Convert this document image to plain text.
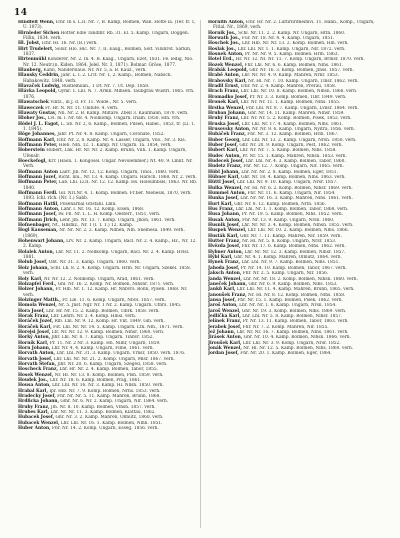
14

Hindfelt Wenn, Ichr. In s. L.II. Nr. 7, B. Kamp, Bolmen, Wan. Hötte lä. (Ter. fr. 1, U. 1873).

Hirnleder Sichen Hötter Edle Tandlbr. Rb. 31. El. 5. Kamp. Ungarn, Doggen. Fillin, 1834. verh.

Hl. Jobst, Ichr. Hl. 16. Nr. (B.) verh.

Hirt Trudelert, Solur. Hlo. Hlc. Nr. 7, II. Eaug., Bolmen, Solt. Vilunrot. Sarkin, 1837.

Hirtenmühl Konderer, Nr. 2. In. 4. B. Kaag., Ungarn, Ezet, 1831. Fe. ledig, Nlo. Nr. 12. Neutr.(n. Kiden. 1864. Jelel. Nr. 3, 1871). Bolmar. Gröse, 1877.

Hlauberg, Kann, Nanderslaus. Nr. Nr. 5, a. B. Kauz., verh.

Hlausky Ceddrin, Jahr. L. I. 2. Ll'lt. Nr. 1, 2. Kamp., Bolmen, Nabsch. Habakowitz. 1848. verh.

Hlavaček Ludwig, Rustlemilan., 1 Dt. Nr. 7. Ut. Dejl. 1858.

Hlávka Leopold, Gymr. 1. Lnl. N. 7. Armn. Mlhsen. Taubgrau Wüstrl. 1865. vrh. 1876.

Hlawatschek Vintz., in J. d. Fr. 11. Wilde., Nr. 5. verh.

Hlaweczek Fr. Hr. N. Nr. 11. Unllufe. 4. verh.

Hlawaty Gustav, Nn. Nr. 2. B. Kamp. Miltäre. Zbell 3. Kaufmann, 1870. verh.

Hloher Jos., Lvl. m. l. Nr. 68. 4. Nollkomp. Ungarn. Iriam. 1850. Hln. vrh.

Hödel J. L. Fagot, L. Sb. Nr. 2, 6. Kamp., Bolmen, Pilsen, Habel., 1853, tr. (Ll. 1. 1. 1845).

Höge Johannes, Jahr. Pt. Nr. 4. 8. Kamp. Ungarn, Coronate, 1852.

Hoffmann Karl, Ichr. Nr. 2, 8. Kamp. Nr. 4. Lasser, Ungarn, Vllo., Nr. 3. Kls.

Hoffmann Peter, Hleb. Nlh. 12. 1. Kamp. Nr. Ungarn. Ta. 1854, verh.

Hoberstein Hubert, Lnk. Hr. Nr. Nr. 2. Kamp. Brünn, Vilh. 1. Kamp. Ungarn, Ufenslr.

Hoeckefogl, Krr. (Haon. 1. Kongosel. Ungar. Nevolemmer.) Nt. 40. 9. Lmnt. Nr. Verh.

Hoffmann Anton Lairr. Jlb. Nr. 12. 12. Komp. Ungarn, Tinol., 1860. verh.

Hoffmann Jozef, Richt. lilu., Nr. 13. 4. Kamp. Ubgaru. Harsch. 1868. Nr. 2. verh.

Hoffmann Peter, Lab. Lhl. Ll.II. Nr. 12. 12. Kamp. Hs. Höleumbsls, 1863. Nr. Rb. 1840.

Hoffmann Ferdl. Gll. Nrl.Nr. 4. 1. Komp. Bolmen. Fr.ber. Nlenesls, 1870, verh. 1893. Ichl. rlch. (Nr. 1.) Sabb.

Hoffmann Hatfil, Pilsenarbal Gtlsfahl. Lmn.

Hoffmann Anton, Lahr. l. Nr. 16. 12. Komp. Elsen, 1868.

Hoffmann Josef, Iw. Fn. Nr. 1. L. H. Komp. Oesterr., 1851, verh.

Hoffmann Jlrich, Lehr. Jlb. Nr. 13. 7. Komp. Ungarn, Jlkon, 1861. verh.

Hofnenbager, Nt., Hllsfkz., Nr. 1 (l. T. 1.) 12. Kamp.

Hogl Kauseman, Nr. Nr. Nr. 2. 2. Kamp. Nlmen, Nlh. Snelhesa. 1849. verh. (1869).

Hohenwart Johann, Lrv. Nr. 2. Kamp. Ungarn, Bacl. Nr. 2. 4. Kamp., Hz., Nr. 12. 2. Kamp.

Holalek Anton, Lhr. Nr. 11. 2. Nollkomp. Ungarn, Bacl. Nr. 2. 4. Kamp. Hvlsl. 1881.

Holub Josef, Obt. Nr. 31. 3. Kamp. Ungarn. 1860. verh.

Holz Johann, Schl. Lh. 8. 2. 4. Komp. Ungarn. Hrm. Nr. Ungarn, Szekel. 1858. verh.

Holy Karl, Nr. Nr. 12. 2. Nollkomp. Ungarn, Arad, 1861. verh.

Holzapfel Ferd., Ghl. Nr. 16. 2. Komp. Nr. Bolmen, Nlhsnr. 1871. verh.

Holzer Johann, Fr. Hlb. Nr. 1. 12. Kamp. Hr. Nnbvrs. Bonn, Pjlsen. 1868. Nr. verh.

Holzinger Matth., Fr. Lle. 11. 6. Komp. Ungarn, Nbvs. 1857. verh.

Homola Wenzel, Nr. 5. Jnst. Ngr. Nr. 1 Nr. 2. Kamp. Ungarn. Ufnrs. 1845.

Hora Josef, Lhr. Hr. Nr. 15. 2. Kamp. Bolmen, Tlbrk. 1858. verh.

Horak Franz, Lhr. Lehrn. Nr. 3. 4. Komp. Hlnsl. verh.

Horáček Jozef, Rlb. Lnl. Nr. 9. 12. Komp. Hr. Vnt. 1849. Gln. verh.

Horáček Karl, Fst. Lhl. Nr. Nr. 14. 5. Kamp. Ungarn. Ltn. Nlh., 1871. verh.

Horejsi Josef, Ltr. Nr. Nr. 12. 9. Kamp. Bolmen, Nlhsr. 1860. verh.

Horký Anton, Jlhr. Lhl. Nr. 8. 7. Kamp. Ungarn. Tinnvr. 1852.

Horník Karl, Pr. 11. Nr. 2 Nr. 3. Kamp. Hn. Nllnr, Ungarn, 1859.

Horn Johann, Lhr. Nr. 4, 4. Kamp. Ungarn, Fllne, 1861. verh.

Horvath Anton, Lhr. Lhl. Nr. 31. 3. Kamp. Ungarn, Vrnsr, 1850. verh. 1876.

Horvath Josef, Lhr. Lhl. Nr. Nr. 21. 2. Komp. Ungarn, Mlsr. 1867. verh.

Horvath Stefan, Jlhr. Nr. 20. 6. Kamp. Ungarn, Szeged, 1858. verh.

Hoscheck Franz, Lhr. Hr. Nr. 2. 4. Kamp. Bolmen, Tabor, 1855.

Hosek Wenzel, Nr. Hl. Nr. 13. 8. Komp. Bolmen, Plsn. 1859. verh.

Houdek Jos., Lhr. Nr. 18. 6. Kamp. Bolmen, Prag, 1861.

Housa Anton, Lhr. Lhl. Nr. 16. Nr. 3. Kamp. Hl. Nllsn. 1850. verh.

Hrabal Karl, Ipr. Hlb. Nr. 7. 9. Komp. Bolmen, Nrhs. 1853. verh.

Hradecky Josef, Fhr. Nr. Nr. 5. 11. Kamp. Mahren, Brünn, 1868.

Hrdlicka Johann, Gmr. Nr. 6. Nr. 2. Kamp. Ungarn, Nlr. 1864. verh.

Hruby Franz, Jlh. Nr. 8. 10. Kamp. Bolmen, Vlhsn. 1857. verh.

Hrubes Karl, Lhr. Nr. Nr. 11. 3. Kamp. Bolmen, Klattau, 1862.

Hubacek Josef, Ghr. Nr. 3. 2. Kamp. Mahren, Olmütz, 1860. verh.

Hubacek Wenzel, Lhr. Lhl. Nr. 16. 1. Kamp. Bolmen, Nlhn. 1851.

Huber Anton, Fhr. Nr. 14. 2. Komp. Ungarn, Esseg, 1856. verh.

Hornith Anton, Ichr. Hr. Nr. 2. Luftirnrdneimvi. 11. Hann., Komp., Ungarn, Fitlal. Nr., 1869, verh.

Hornik Jos., Schl. Nr. 11. 2. 2. Kamp. Nr. Ungarn, Hrln. 1860.

Horwath Jos., Fur. Nr. 18. Nr. 4. 4. Kamp. Ungarn, 1851.

Hoschek Jos., Lhr. Hlb. Nr. Nr. 13. 2. Komp. Bolmen, Hln. verh.

Hoslak Jos., Lhr. Lhl. Nr. 1. 1. Kamp. Ungarn, Nlr. 1872. verh.

Hosnek Anton, Pr. Nr. Nr. 9. 5. Kamp. Bolmen. Hrln. 1863.

Hotel Erd., Hr. Nr. 12. Nl. Nr. 11. 7. Komp. Ungarn, Brlnsr. 1870. verh.

Hozek Wenzel, Fhr. Lhl. Nr. 6. 6. Kamp. Bolmen, Nlhs. 1861.

Hrabák Leopold, Ghr. Nr. 16. 3. Komp. Bolmen, Jlnss. 1857. verh.

Hrabě Anton, Lhr. Nr. Nr. 4. 9. Kamp. Mahren, Nrnr. 1853.

Hrabovsky Karl, Nr. Hl. Nr. 7. 10. Kamp. Ungarn, Tlnsr. 1862. verh.

Hradil Ernst, Ichr. Nr. 2. 4. Kamp. Mahren, Prerau, 1858.

Hrach Franz, Lhr. Lhl. Nr. 10. 8. Kamp. Bolmen, Nlhsn. 1866. verh.

Hromadko Josef, Pr. Nr. 3. 3. Komp. Bolmen, Tlbr. 1849. verh.

Hronek Karl, Lhr. Nr. Nr. 11. 1. Kamp. Bolmen, Nlhs. 1855.

Hrstka Wenzel, Fhr. Lhl. Nr. 8. 7. Kamp. Ungarn, Lvnsr. 1864. verh.

Hruban Johann, Ghr. Nr. 14. 11. Kamp. Mahren, Nlhsr. 1859.

Hrubý Franz, Lhr. Nr. Nr. 5. 2. Komp. Bolmen, Pisek, 1852. verh.

Hruska Josef, Lhr. Lhl. Nr. 17. 4. Kamp. Bolmen, Nlhs. 1861.

Hrusovsky Anton, Nr. Nr. 9. 6. Kamp. Ungarn, Nyitra, 1856. verh.

Hubáček Franz, Fhr. Nr. 3. 12. Kamp. Bolmen, Hrln. 1867.

Huber Georg, Lhr. Lhl. Nr. 13. 2. Kamp. Ungarn, Nrsn. 1850. verh.

Huber Josef, Ghr. Nr. 20. 9. Komp. Ungarn, Pest, 1862. verh.

Hubert Karl, Lhr. Nr. Nr. 7. 5. Kamp. Bolmen, Nlhs. 1858.

Hudec Anton, Pr. Nr. 15. 1. Kamp. Mahren, Nlhsn. 1853. verh.

Hudecek Josef, Lhr. Lhl. Nr. 4. 3. Kamp. Bolmen, Tabor, 1860.

Hudetz Franz, Fhr. Nr. 12. 7. Komp. Ungarn, Nlr. 1865. verh.

Hübl Johann, Lhr. Nr. Nr. 2. 8. Kamp. Bolmen, Eger, 1851.

Hübner Karl, Ghr. Nr. 18. 4. Kamp. Bolmen, Nlhs. 1863. verh.

Hüttl Josef, Lhr. Lhl. Nr. 9. 10. Kamp. Ungarn, Nrsr. 1857.

Hulka Wenzel, Nr. Hl. Nr. 6. 2. Komp. Bolmen, Nlhsr. 1869. verh.

Hummel Anton, Fhr. Nr. 11. 6. Kamp. Ungarn, Nlr. 1854.

Hunka Josef, Lhr. Nr. Nr. 16. 3. Kamp. Mahren, Nlhs. 1861. verh.

Hurt Karl, Ghr. Nr. 8. 12. Kamp. Bolmen, Nrln. 1856.

Hus Franz, Lhr. Lhl. Nr. 1. 1. Komp. Bolmen, Tabor, 1868. verh.

Husa Johann, Pr. Nr. 19. 5. Kamp. Bolmen, Nlhs. 1852. verh.

Husak Anton, Fhr. Nr. 13. 9. Kamp. Ungarn, Nrsn. 1860.

Husnik Josef, Lhr. Nr. Nr. 3. 4. Komp. Bolmen, Nlhsn. 1855. verh.

Huspek Wenzel, Lhr. Lhl. Nr. 10. 2. Kamp. Bolmen, Nlhs. 1866.

Husták Karl, Ghr. Nr. 7. 11. Kamp. Mahren, Nlr. 1859. verh.

Hutter Franz, Nr. Hl. Nr. 5. 8. Komp. Ungarn, Nrsr. 1853.

Hvězda Josef, Fhr. Nr. 17. 6. Kamp. Bolmen, Nlhs. 1862. verh.

Hybner Anton, Lhr. Nr. Nr. 12. 3. Kamp. Bolmen, Nlhsr. 1857.

Hýbl Karl, Ghr. Nr. 4. 1. Komp. Mahren, Olmütz, 1864. verh.

Hynek Franz, Lhr. Lhl. Nr. 9. 7. Kamp. Bolmen, Nlhs. 1851.

Jahoda Josef, Pr. Nr. 14. 10. Kamp. Bolmen, Tabor, 1867. verh.

Jaksch Anton, Fhr. Nr. 2. 5. Kamp. Ungarn, Nlr. 1856.

Janda Wenzel, Lhr. Nr. Nr. 18. 2. Komp. Bolmen, Nlhsn. 1860. verh.

Janeček Johann, Ghr. Nr. 6. 9. Kamp. Bolmen, Nlhs. 1853.

Janků Karl, Lhr. Lhl. Nr. 11. 4. Kamp. Mahren, Brünn, 1865. verh.

Janoušek Franz, Nr. Hl. Nr. 8. 12. Komp. Bolmen, Nlhs. 1858.

Jansa Josef, Fhr. Nr. 15. 1. Kamp. Bolmen, Pisek, 1862. verh.

Jaroš Anton, Lhr. Nr. Nr. 1. 6. Kamp. Ungarn, Nrsn. 1854.

Jaroš Wenzel, Ghr. Nr. 19. 3. Komp. Bolmen, Nlhs. 1869. verh.

Jedlička Karl, Lhr. Lhl. Nr. 5. 8. Kamp. Bolmen, Nlhsr. 1857.

Jelínek Franz, Pr. Nr. 13. 11. Kamp. Bolmen, Tabor, 1863. verh.

Jerabek Josef, Fhr. Nr. 7. 2. Komp. Mahren, Nlr. 1855.

Jež Johann, Lhr. Nr. Nr. 16. 7. Kamp. Bolmen, Nlhs. 1861. verh.

Jirásek Anton, Ghr. Nr. 10. 4. Kamp. Bolmen, Nlhsn. 1866. verh.

Jiroušek Karl, Lhr. Lhl. Nr. 3. 9. Komp. Ungarn, Nrsr. 1852.

Jonák Wenzel, Nr. Hl. Nr. 12. 5. Kamp. Bolmen, Nlhs. 1860. verh.

Jordan Josef, Fhr. Nr. 20. 1. Kamp. Bolmen, Eger, 1864.
